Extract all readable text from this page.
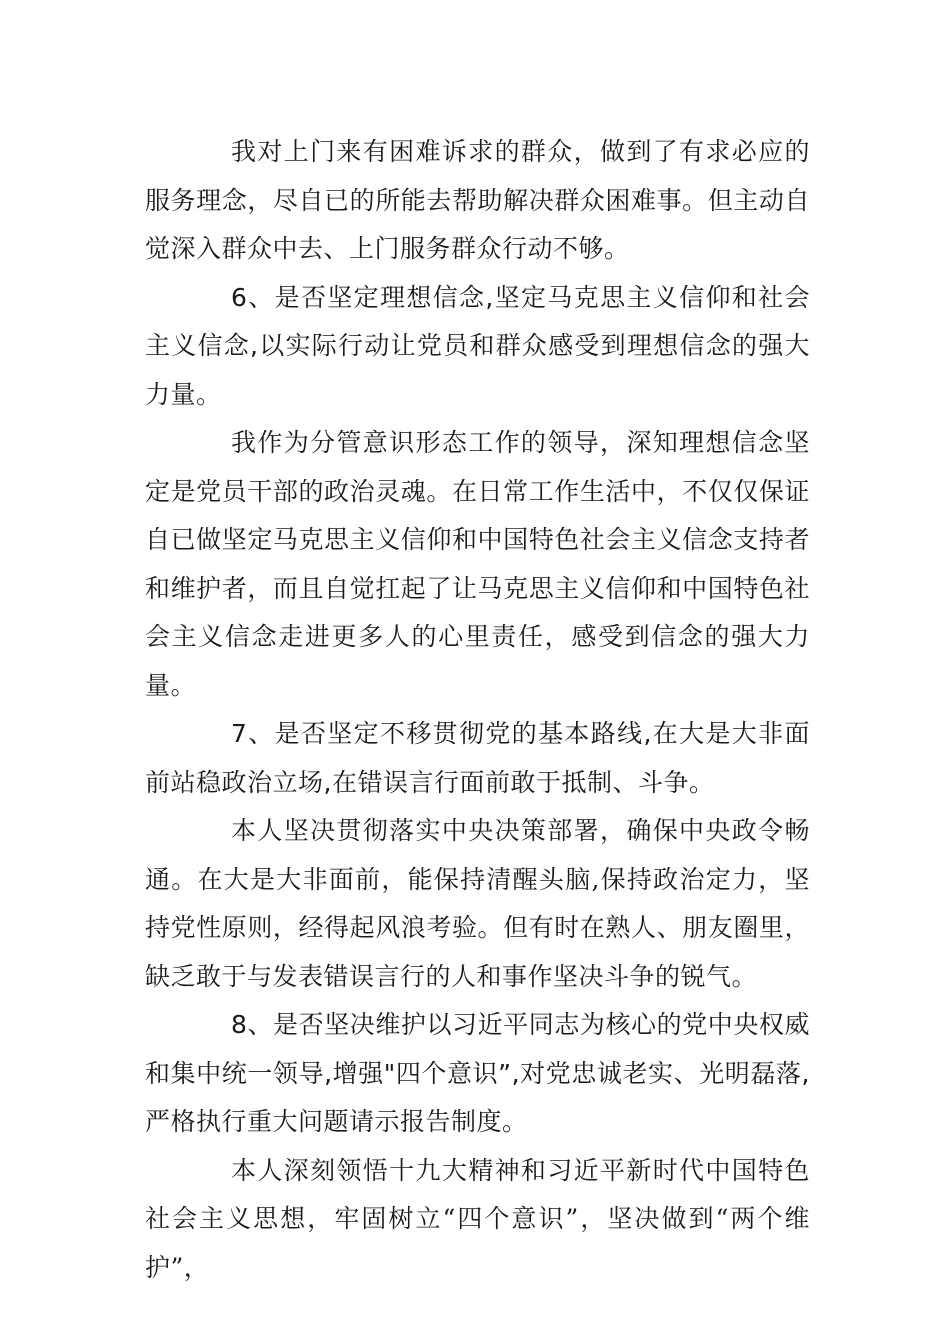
我对上门来有困难诉求的群众，做到了有求必应的服务理念，尽自已的所能去帮助解决群众困难事。但主动自觉深入群众中去、上门服务群众行动不够。

6、是否坚定理想信念,坚定马克思主义信仰和社会主义信念,以实际行动让党员和群众感受到理想信念的强大力量。

我作为分管意识形态工作的领导，深知理想信念坚定是党员干部的政治灵魂。在日常工作生活中，不仅仅保证自已做坚定马克思主义信仰和中国特色社会主义信念支持者和维护者，而且自觉扛起了让马克思主义信仰和中国特色社会主义信念走进更多人的心里责任，感受到信念的强大力量。

7、是否坚定不移贯彻党的基本路线,在大是大非面前站稳政治立场,在错误言行面前敢于抵制、斗争。

本人坚决贯彻落实中央决策部署，确保中央政令畅通。在大是大非面前，能保持清醒头脑,保持政治定力，坚持党性原则，经得起风浪考验。但有时在熟人、朋友圈里，缺乏敢于与发表错误言行的人和事作坚决斗争的锐气。

8、是否坚决维护以习近平同志为核心的党中央权威和集中统一领导,增强"四个意识”,对党忠诚老实、光明磊落,严格执行重大问题请示报告制度。

本人深刻领悟十九大精神和习近平新时代中国特色社会主义思想，牢固树立“四个意识”，坚决做到“两个维护”，
